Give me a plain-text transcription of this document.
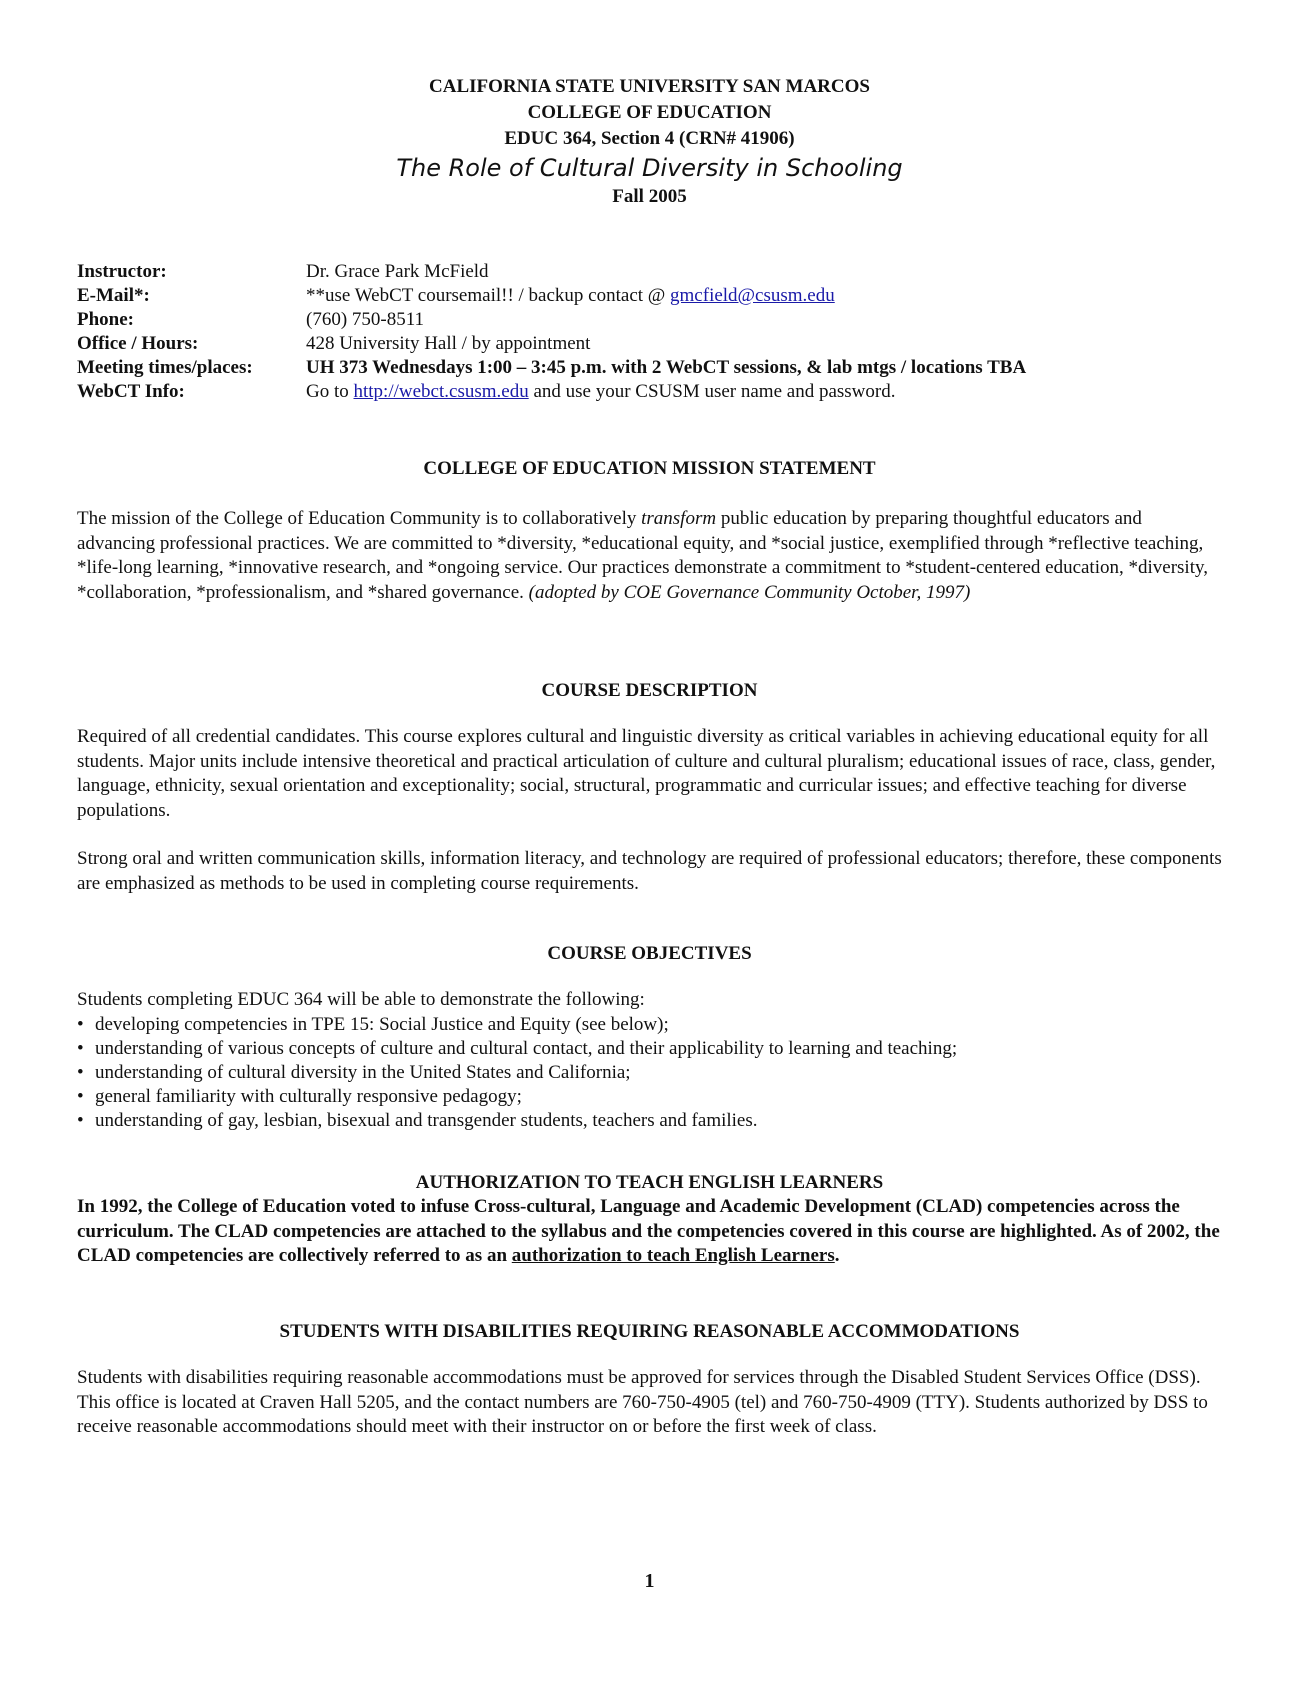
CALIFORNIA STATE UNIVERSITY SAN MARCOS
COLLEGE OF EDUCATION
EDUC 364, Section 4 (CRN# 41906)
The Role of Cultural Diversity in Schooling
Fall 2005
Instructor:	Dr. Grace Park McField
E-Mail*:	**use WebCT coursemail!! / backup contact @ gmcfield@csusm.edu
Phone:	(760) 750-8511
Office / Hours:	428 University Hall / by appointment
Meeting times/places:	UH 373 Wednesdays 1:00 – 3:45 p.m. with 2 WebCT sessions, & lab mtgs / locations TBA
WebCT Info:	Go to http://webct.csusm.edu and use your CSUSM user name and password.
COLLEGE OF EDUCATION MISSION STATEMENT

The mission of the College of Education Community is to collaboratively transform public education by preparing thoughtful educators and advancing professional practices. We are committed to *diversity, *educational equity, and *social justice, exemplified through *reflective teaching, *life-long learning, *innovative research, and *ongoing service. Our practices demonstrate a commitment to *student-centered education, *diversity, *collaboration, *professionalism, and *shared governance. (adopted by COE Governance Community October, 1997)

COURSE DESCRIPTION

Required of all credential candidates. This course explores cultural and linguistic diversity as critical variables in achieving educational equity for all students. Major units include intensive theoretical and practical articulation of culture and cultural pluralism; educational issues of race, class, gender, language, ethnicity, sexual orientation and exceptionality; social, structural, programmatic and curricular issues; and effective teaching for diverse populations.

Strong oral and written communication skills, information literacy, and technology are required of professional educators; therefore, these components are emphasized as methods to be used in completing course requirements.

COURSE OBJECTIVES

Students completing EDUC 364 will be able to demonstrate the following:

• developing competencies in TPE 15: Social Justice and Equity (see below);
• understanding of various concepts of culture and cultural contact, and their applicability to learning and teaching;
• understanding of cultural diversity in the United States and California;
• general familiarity with culturally responsive pedagogy;
• understanding of gay, lesbian, bisexual and transgender students, teachers and families.
AUTHORIZATION TO TEACH ENGLISH LEARNERS

In 1992, the College of Education voted to infuse Cross-cultural, Language and Academic Development (CLAD) competencies across the curriculum. The CLAD competencies are attached to the syllabus and the competencies covered in this course are highlighted. As of 2002, the CLAD competencies are collectively referred to as an authorization to teach English Learners.

STUDENTS WITH DISABILITIES REQUIRING REASONABLE ACCOMMODATIONS

Students with disabilities requiring reasonable accommodations must be approved for services through the Disabled Student Services Office (DSS). This office is located at Craven Hall 5205, and the contact numbers are 760-750-4905 (tel) and 760-750-4909 (TTY). Students authorized by DSS to receive reasonable accommodations should meet with their instructor on or before the first week of class.

1
